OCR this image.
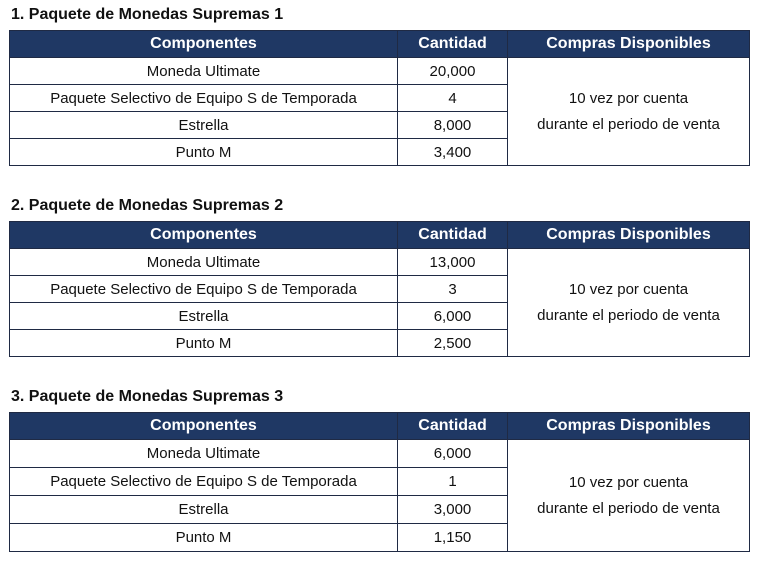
1. Paquete de Monedas Supremas 1
Componentes	Cantidad	Compras Disponibles
Moneda Ultimate	20,000	10 vez por cuenta
durante el periodo de venta

Paquete Selectivo de Equipo S de Temporada	4	
Estrella	8,000	
Punto M	3,400	
2. Paquete de Monedas Supremas 2
Componentes	Cantidad	Compras Disponibles
Moneda Ultimate	13,000	10 vez por cuenta
durante el periodo de venta

Paquete Selectivo de Equipo S de Temporada	3	
Estrella	6,000	
Punto M	2,500	
3. Paquete de Monedas Supremas 3
Componentes	Cantidad	Compras Disponibles
Moneda Ultimate	6,000	10 vez por cuenta
durante el periodo de venta

Paquete Selectivo de Equipo S de Temporada	1	
Estrella	3,000	
Punto M	1,150	
